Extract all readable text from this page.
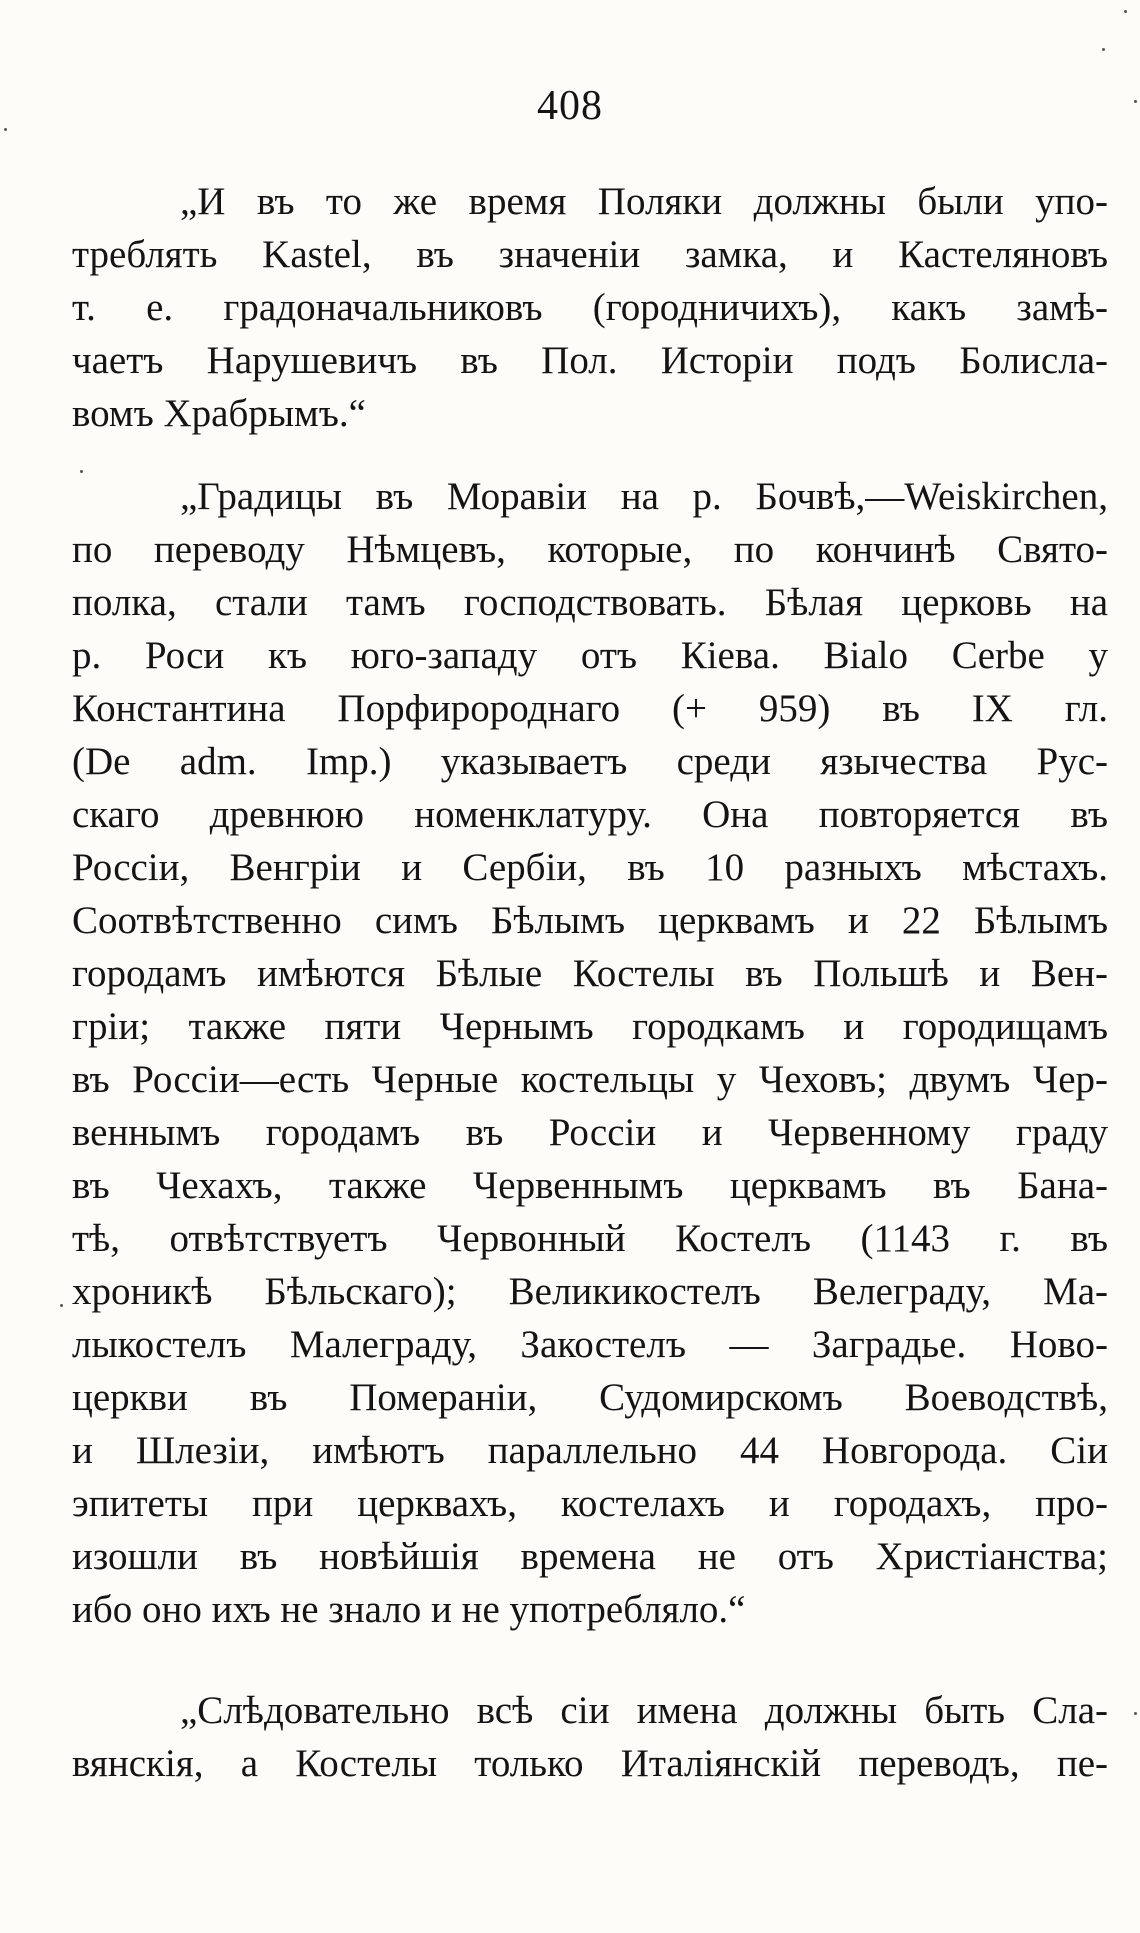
408
„И въ то же время Поляки должны были упо-
треблять Kastel, въ значеніи замка, и Кастеляновъ
т. е. градоначальниковъ (городничихъ), какъ замѣ-
чаетъ Нарушевичъ въ Пол. Исторіи подъ Болисла-
вомъ Храбрымъ.“
„Градицы въ Моравіи на р. Бочвѣ,—Weiskirchen,
по переводу Нѣмцевъ, которые, по кончинѣ Свято-
полка, стали тамъ господствовать. Бѣлая церковь на
р. Роси къ юго-западу отъ Кіева. Bialo Cerbe у
Константина Порфиророднаго (+ 959) въ IX гл.
(De adm. Imp.) указываетъ среди язычества Рус-
скаго древнюю номенклатуру. Она повторяется въ
Россіи, Венгріи и Сербіи, въ 10 разныхъ мѣстахъ.
Соотвѣтственно симъ Бѣлымъ церквамъ и 22 Бѣлымъ
городамъ имѣются Бѣлые Костелы въ Польшѣ и Вен-
гріи; также пяти Чернымъ городкамъ и городищамъ
въ Россіи—есть Черные костельцы у Чеховъ; двумъ Чер-
веннымъ городамъ въ Россіи и Червенному граду
въ Чехахъ, также Червеннымъ церквамъ въ Бана-
тѣ, отвѣтствуетъ Червонный Костелъ (1143 г. въ
хроникѣ Бѣльскаго); Великикостелъ Велеграду, Ма-
лыкостелъ Малеграду, Закостелъ — Заградье. Ново-
церкви въ Помераніи, Судомирскомъ Воеводствѣ,
и Шлезіи, имѣютъ параллельно 44 Новгорода. Сіи
эпитеты при церквахъ, костелахъ и городахъ, про-
изошли въ новѣйшія времена не отъ Христіанства;
ибо оно ихъ не знало и не употребляло.“
„Слѣдовательно всѣ сіи имена должны быть Сла-
вянскія, а Костелы только Италіянскій переводъ, пе-
